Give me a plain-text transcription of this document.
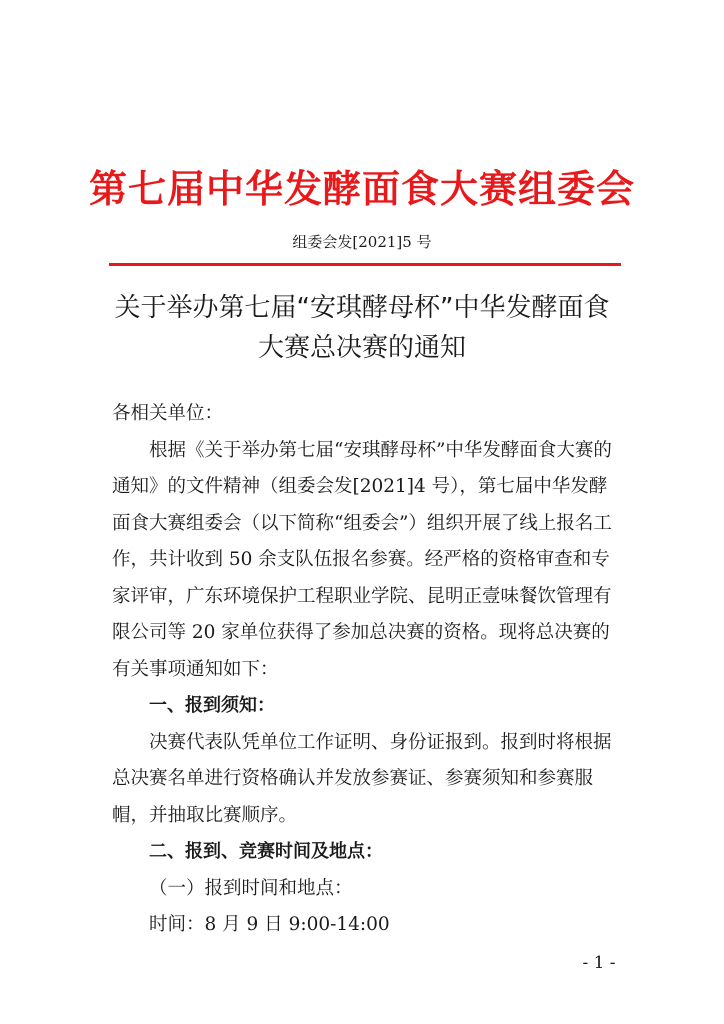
第七届中华发酵面食大赛组委会
组委会发[2021]5 号
关于举办第七届“安琪酵母杯”中华发酵面食
大赛总决赛的通知

各相关单位：

根据《关于举办第七届“安琪酵母杯”中华发酵面食大赛的通知》的文件精神（组委会发[2021]4 号），第七届中华发酵面食大赛组委会（以下简称“组委会”）组织开展了线上报名工作，共计收到 50 余支队伍报名参赛。经严格的资格审查和专家评审，广东环境保护工程职业学院、昆明正壹味餐饮管理有限公司等 20 家单位获得了参加总决赛的资格。现将总决赛的有关事项通知如下：

一、报到须知：

决赛代表队凭单位工作证明、身份证报到。报到时将根据总决赛名单进行资格确认并发放参赛证、参赛须知和参赛服帽，并抽取比赛顺序。

二、报到、竞赛时间及地点：

（一）报到时间和地点：

时间：8 月 9 日 9:00-14:00

- 1 -
